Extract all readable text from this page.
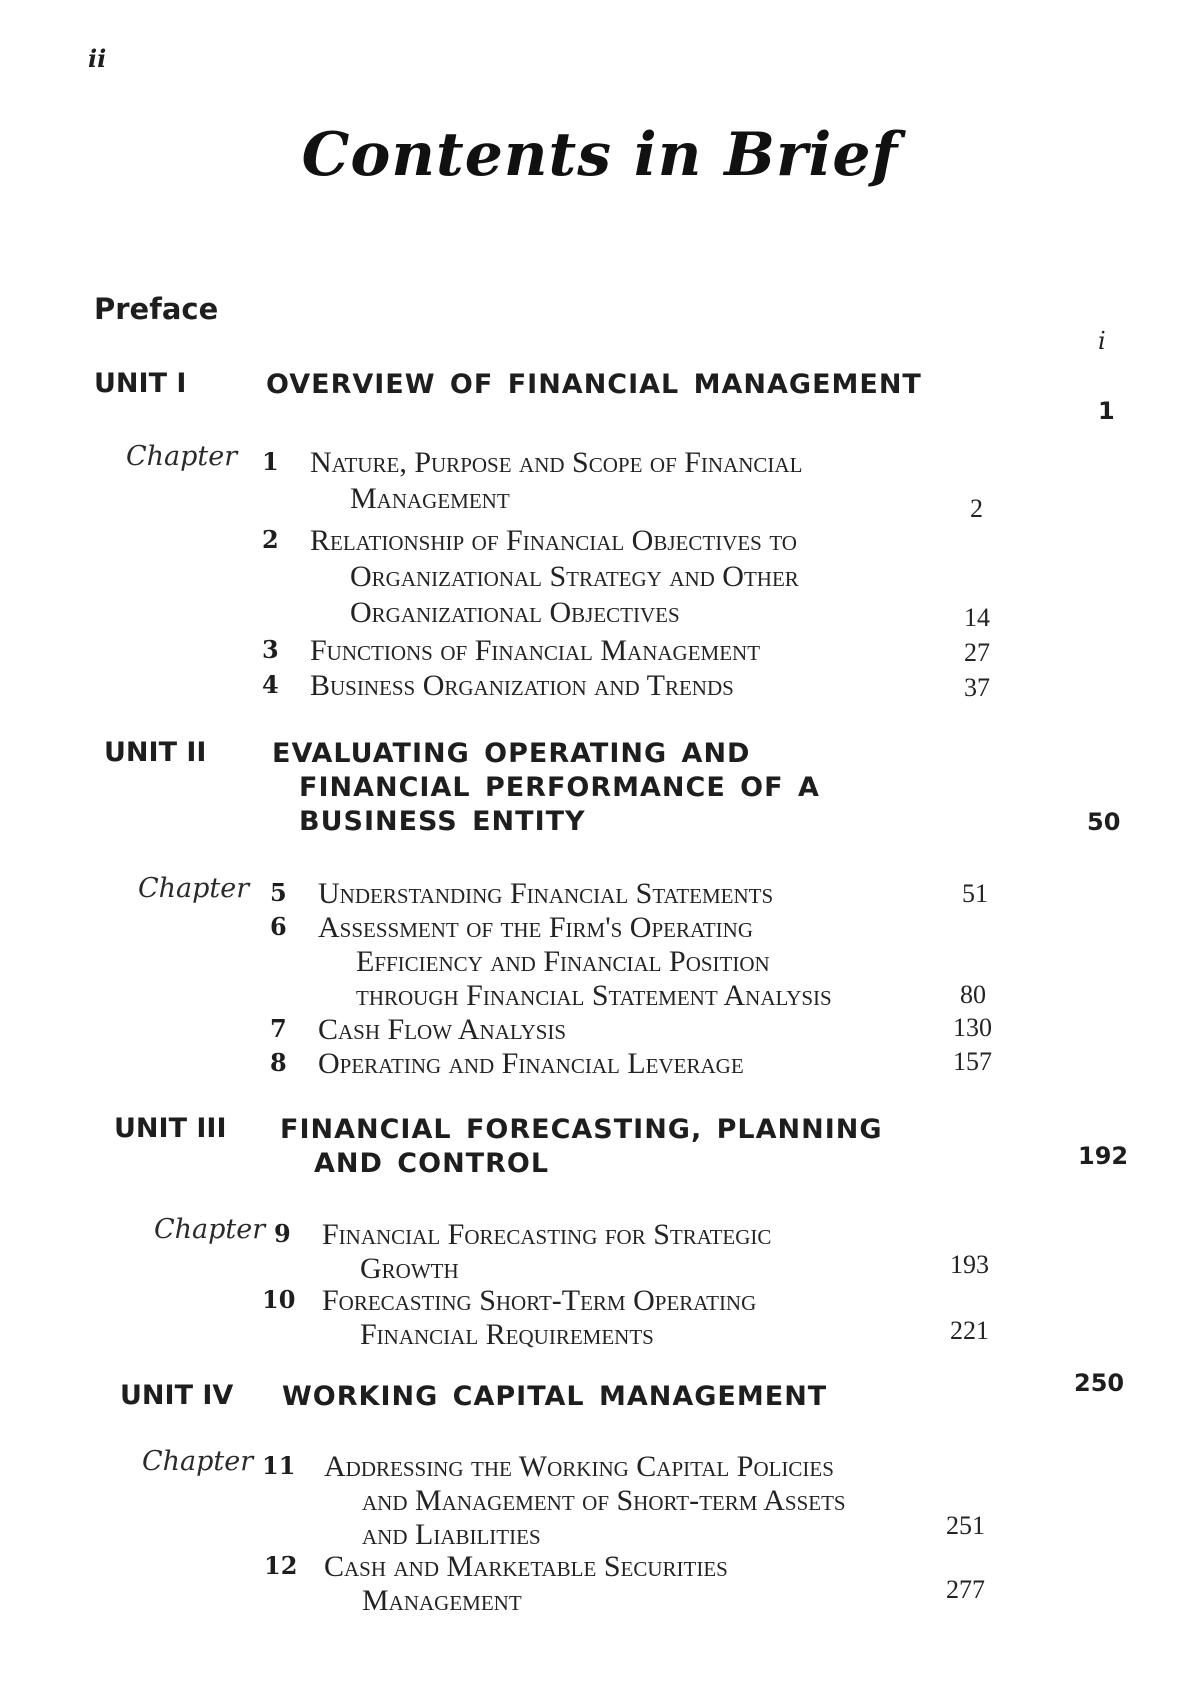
ii
Contents in Brief
Preface
i
UNIT I	OVERVIEW OF FINANCIAL MANAGEMENT
1
Chapter 1 Nature, Purpose and Scope of Financial
Management	2
2 Relationship of Financial Objectives to
Organizational Strategy and Other
Organizational Objectives	14
3 Functions of Financial Management	27
4 Business Organization and Trends	37
UNIT II EVALUATING OPERATING AND
FINANCIAL PERFORMANCE OF A
BUSINESS ENTITY	50
Chapter 5 Understanding Financial Statements	51
6 Assessment of the Firm's Operating
Efficiency and Financial Position
through Financial Statement Analysis	80
7 Cash Flow Analysis	130
8 Operating and Financial Leverage	157
UNIT III FINANCIAL FORECASTING, PLANNING
AND CONTROL	192
Chapter 9 Financial Forecasting for Strategic
Growth	193
10 Forecasting Short-Term Operating
Financial Requirements	221
UNIT IV WORKING CAPITAL MANAGEMENT	250
Chapter 11 Addressing the Working Capital Policies
and Management of Short-term Assets
and Liabilities	251
12 Cash and Marketable Securities
Management	277
